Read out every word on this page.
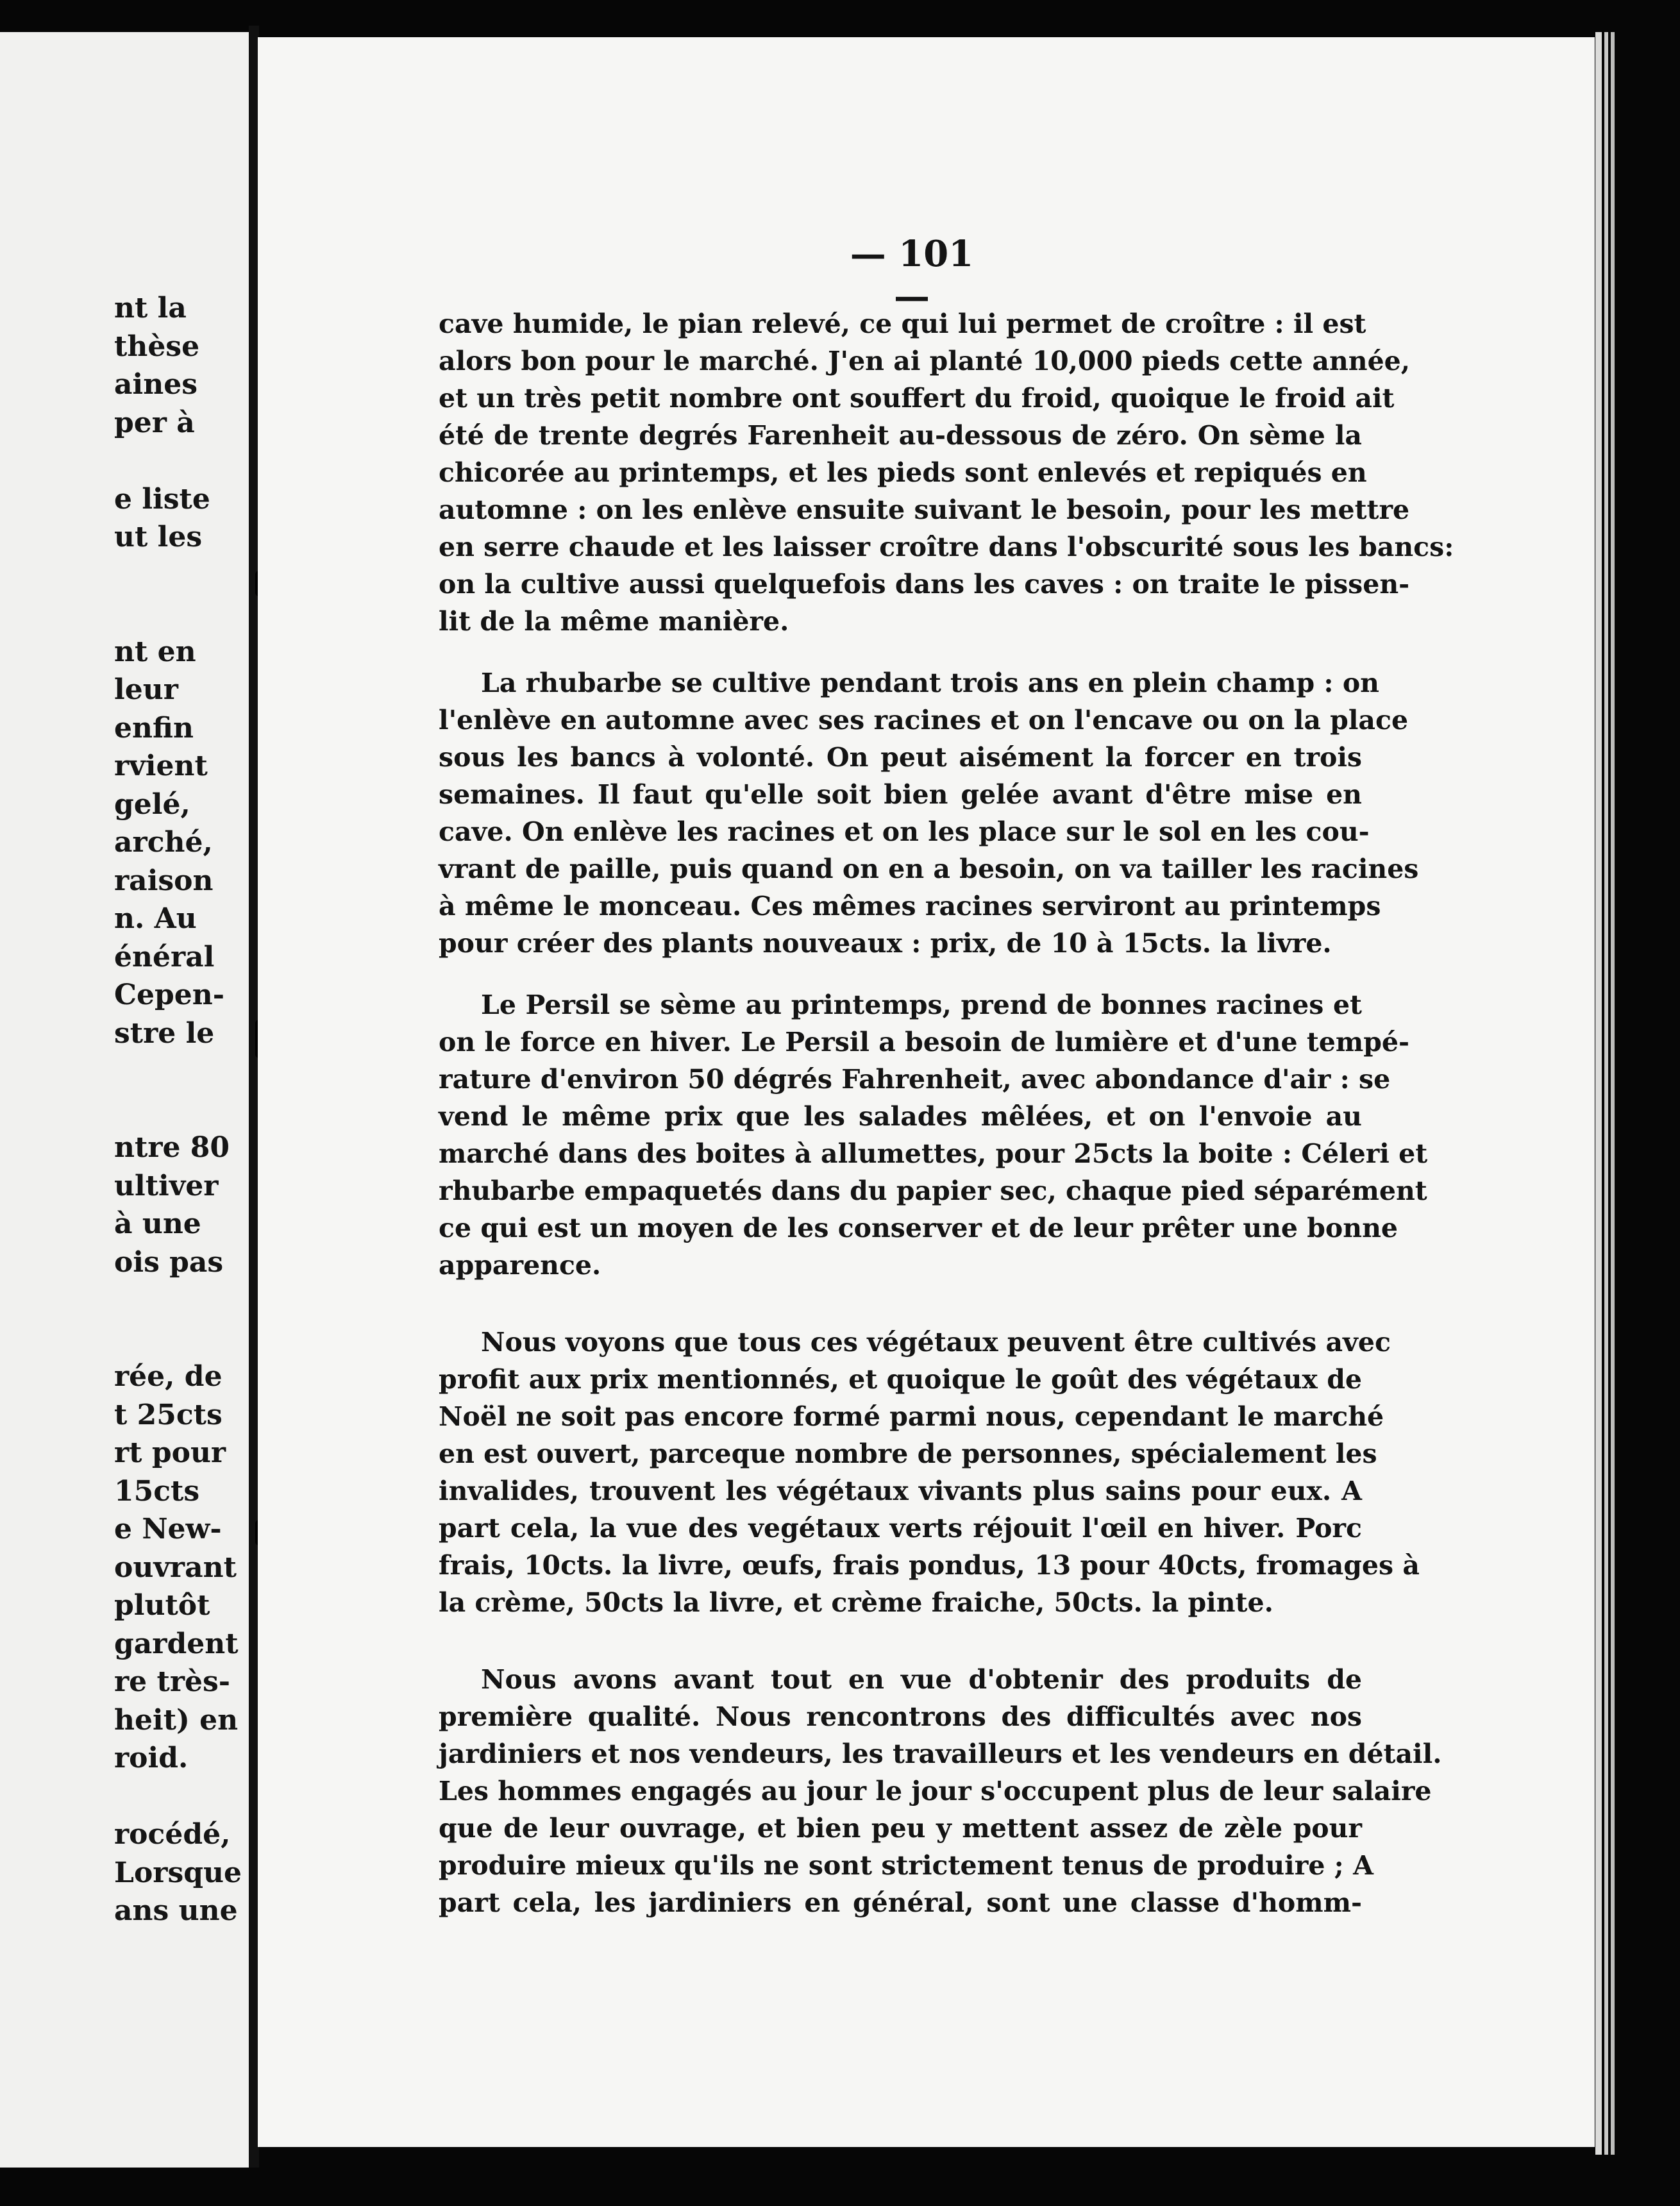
nt la
thèse
aines
per à
e liste
ut les
nt en
leur
enfin
rvient
gelé,
arché,
raison
n. Au
énéral
Cepen-
stre le
ntre 80
ultiver
à une
ois pas
rée, de
t 25cts
rt pour
15cts
e New-
ouvrant
plutôt
gardent
re très-
heit) en
roid.
rocédé,
Lorsque
ans une
— 101 —
cave humide, le pian relevé, ce qui lui permet de croître : il est
alors bon pour le marché. J'en ai planté 10,000 pieds cette année,
et un très petit nombre ont souffert du froid, quoique le froid ait
été de trente degrés Farenheit au-dessous de zéro. On sème la
chicorée au printemps, et les pieds sont enlevés et repiqués en
automne : on les enlève ensuite suivant le besoin, pour les mettre
en serre chaude et les laisser croître dans l'obscurité sous les bancs:
on la cultive aussi quelquefois dans les caves : on traite le pissen-
lit de la même manière.
La rhubarbe se cultive pendant trois ans en plein champ : on
l'enlève en automne avec ses racines et on l'encave ou on la place
sous les bancs à volonté. On peut aisément la forcer en trois
semaines. Il faut qu'elle soit bien gelée avant d'être mise en
cave. On enlève les racines et on les place sur le sol en les cou-
vrant de paille, puis quand on en a besoin, on va tailler les racines
à même le monceau. Ces mêmes racines serviront au printemps
pour créer des plants nouveaux : prix, de 10 à 15cts. la livre.
Le Persil se sème au printemps, prend de bonnes racines et
on le force en hiver. Le Persil a besoin de lumière et d'une tempé-
rature d'environ 50 dégrés Fahrenheit, avec abondance d'air : se
vend le même prix que les salades mêlées, et on l'envoie au
marché dans des boites à allumettes, pour 25cts la boite : Céleri et
rhubarbe empaquetés dans du papier sec, chaque pied séparément
ce qui est un moyen de les conserver et de leur prêter une bonne
apparence.
Nous voyons que tous ces végétaux peuvent être cultivés avec
profit aux prix mentionnés, et quoique le goût des végétaux de
Noël ne soit pas encore formé parmi nous, cependant le marché
en est ouvert, parceque nombre de personnes, spécialement les
invalides, trouvent les végétaux vivants plus sains pour eux. A
part cela, la vue des vegétaux verts réjouit l'œil en hiver. Porc
frais, 10cts. la livre, œufs, frais pondus, 13 pour 40cts, fromages à
la crème, 50cts la livre, et crème fraiche, 50cts. la pinte.
Nous avons avant tout en vue d'obtenir des produits de
première qualité. Nous rencontrons des difficultés avec nos
jardiniers et nos vendeurs, les travailleurs et les vendeurs en détail.
Les hommes engagés au jour le jour s'occupent plus de leur salaire
que de leur ouvrage, et bien peu y mettent assez de zèle pour
produire mieux qu'ils ne sont strictement tenus de produire ; A
part cela, les jardiniers en général, sont une classe d'homm-
